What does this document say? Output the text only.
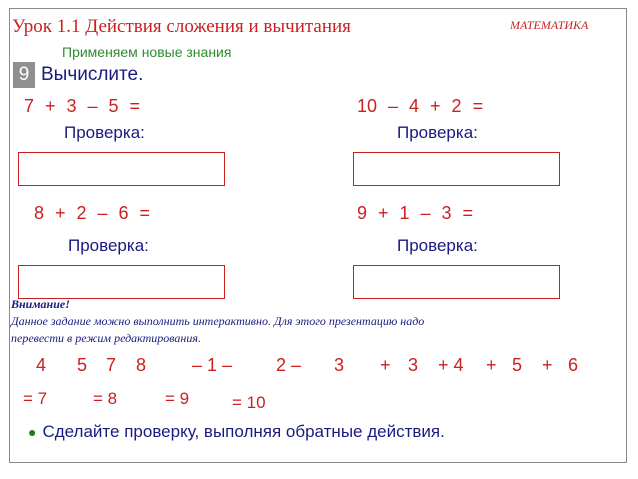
Урок 1.1 Действия сложения и вычитания	МАТЕМАТИКА
Применяем новые знания
9 Вычислите.
7 + 3 – 5 =
Проверка:
10 – 4 + 2 =
Проверка:
8 + 2 – 6 =
Проверка:
9 + 1 – 3 =
Проверка:
Внимание!
Данное задание можно выполнить интерактивно. Для этого презентацию надо
перевести в режим редактирования.
4 5 7 8	– 1 – 2 – 3 + 3 + 4 + 5 + 6
= 7	= 8	= 9	= 10
● Сделайте проверку, выполняя обратные действия.
